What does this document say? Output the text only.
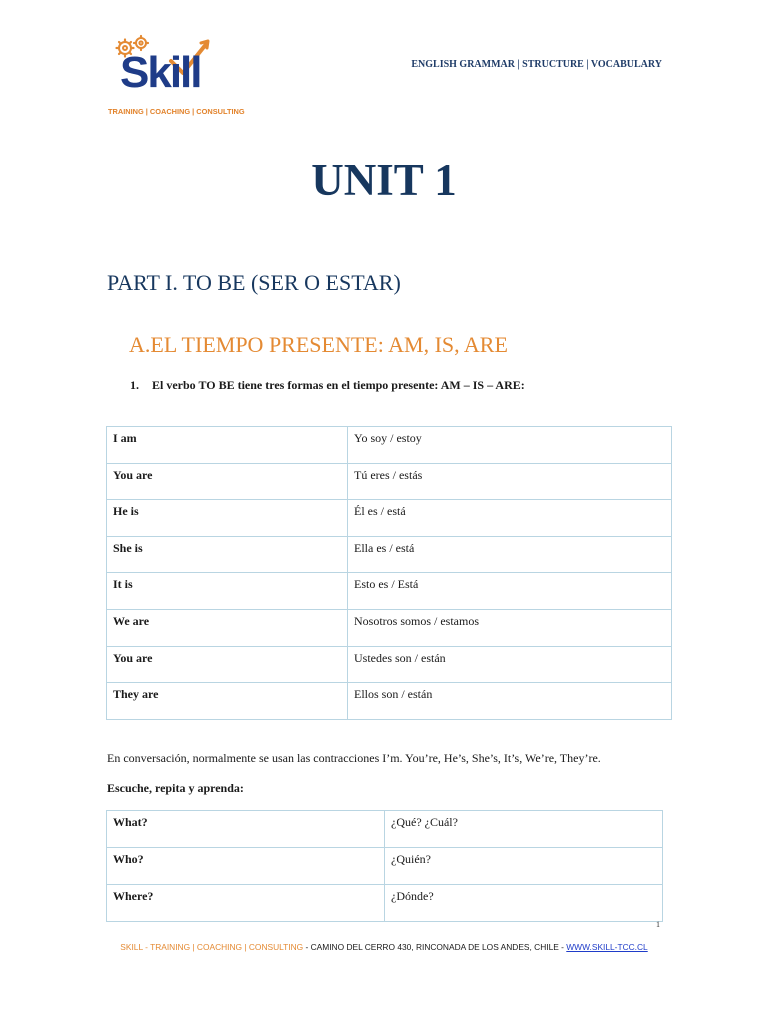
Skill
TRAINING | COACHING | CONSULTING
ENGLISH GRAMMAR | STRUCTURE | VOCABULARY
UNIT 1
PART I. TO BE (SER O ESTAR)
A.EL TIEMPO PRESENTE: AM, IS, ARE
1. El verbo TO BE tiene tres formas en el tiempo presente: AM – IS – ARE:
I am	Yo soy / estoy
You are	Tú eres / estás
He is	Él es / está
She is	Ella es / está
It is	Esto es / Está
We are	Nosotros somos / estamos
You are	Ustedes son / están
They are	Ellos son / están
En conversación, normalmente se usan las contracciones I’m. You’re, He’s, She’s, It’s, We’re, They’re.
Escuche, repita y aprenda:
What?	¿Qué? ¿Cuál?
Who?	¿Quién?
Where?	¿Dónde?
1
SKILL - TRAINING | COACHING | CONSULTING - CAMINO DEL CERRO 430, RINCONADA DE LOS ANDES, CHILE - WWW.SKILL-TCC.CL
